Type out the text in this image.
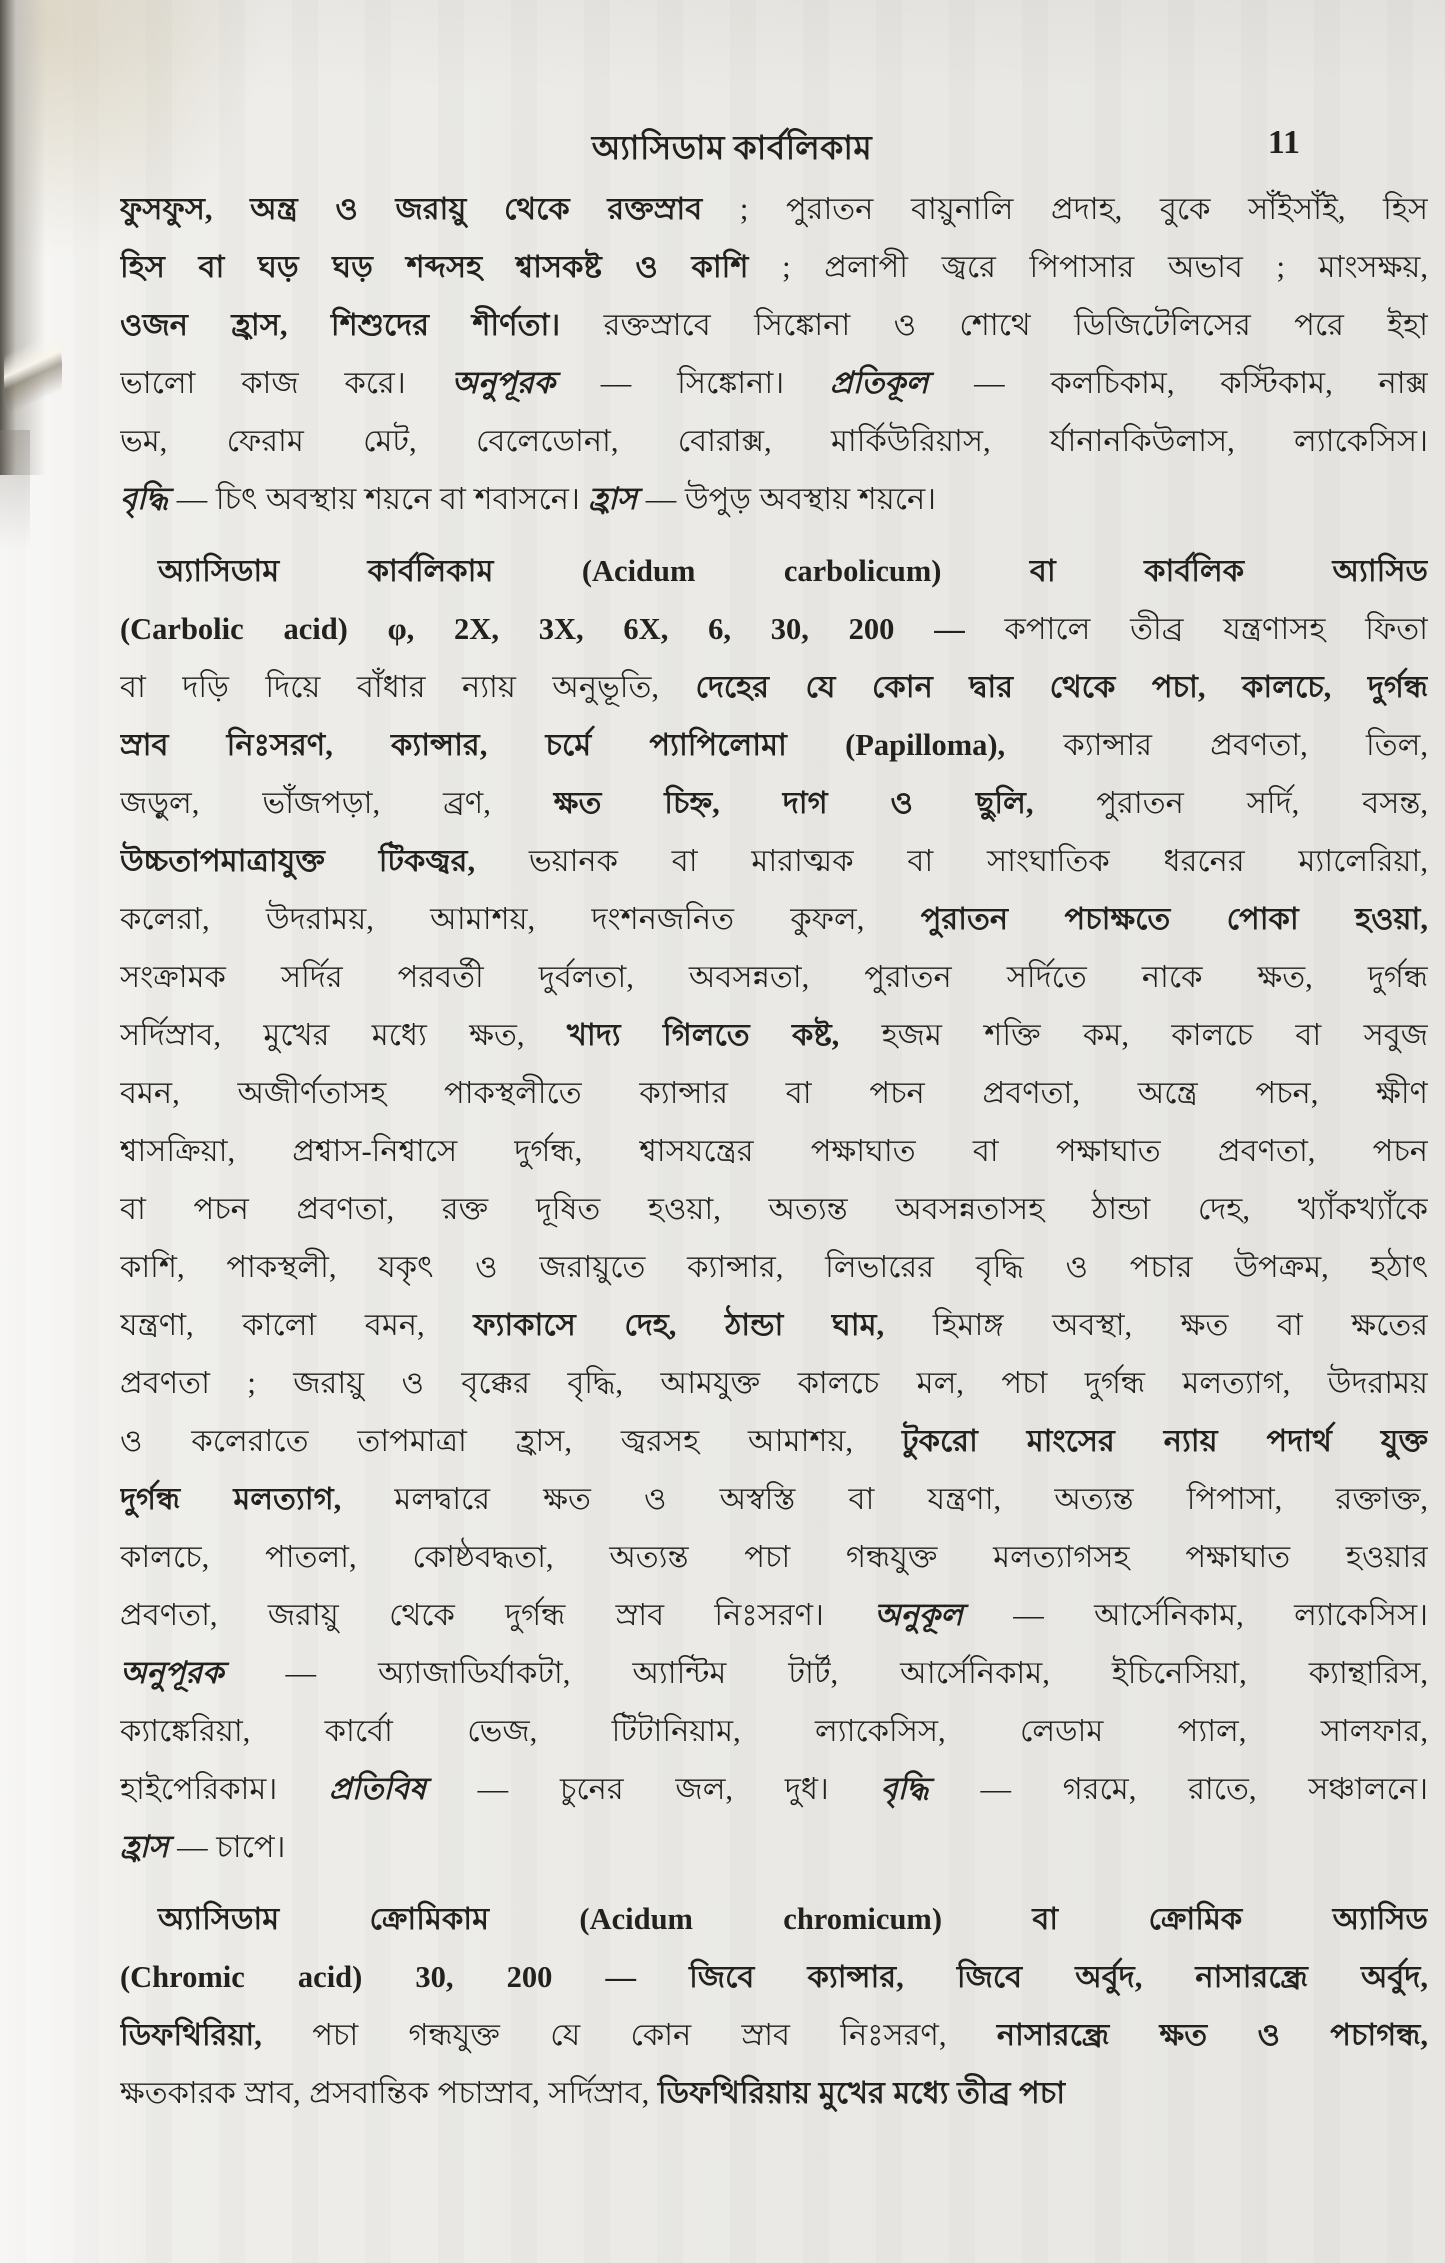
অ্যাসিডাম কার্বলিকাম	11
ফুসফুস, অন্ত্র ও জরায়ু থেকে রক্তস্রাব ; পুরাতন বায়ুনালি প্রদাহ, বুকে সাঁইসাঁই, হিস
হিস বা ঘড় ঘড় শব্দসহ শ্বাসকষ্ট ও কাশি ; প্রলাপী জ্বরে পিপাসার অভাব ; মাংসক্ষয়,
ওজন হ্রাস, শিশুদের শীর্ণতা। রক্তস্রাবে সিঙ্কোনা ও শোথে ডিজিটেলিসের পরে ইহা
ভালো কাজ করে। অনুপূরক — সিঙ্কোনা। প্রতিকূল — কলচিকাম, কস্টিকাম, নাক্স
ভম, ফেরাম মেট, বেলেডোনা, বোরাক্স, মার্কিউরিয়াস, র্যানানকিউলাস, ল্যাকেসিস।
বৃদ্ধি — চিৎ অবস্থায় শয়নে বা শবাসনে। হ্রাস — উপুড় অবস্থায় শয়নে।
অ্যাসিডাম কার্বলিকাম (Acidum carbolicum) বা কার্বলিক অ্যাসিড
(Carbolic acid) φ, 2X, 3X, 6X, 6, 30, 200 — কপালে তীব্র যন্ত্রণাসহ ফিতা
বা দড়ি দিয়ে বাঁধার ন্যায় অনুভূতি, দেহের যে কোন দ্বার থেকে পচা, কালচে, দুর্গন্ধ
স্রাব নিঃসরণ, ক্যান্সার, চর্মে প্যাপিলোমা (Papilloma), ক্যান্সার প্রবণতা, তিল,
জড়ুল, ভাঁজপড়া, ব্রণ, ক্ষত চিহ্ন, দাগ ও ছুলি, পুরাতন সর্দি, বসন্ত,
উচ্চতাপমাত্রাযুক্ত টিকজ্বর, ভয়ানক বা মারাত্মক বা সাংঘাতিক ধরনের ম্যালেরিয়া,
কলেরা, উদরাময়, আমাশয়, দংশনজনিত কুফল, পুরাতন পচাক্ষতে পোকা হওয়া,
সংক্রামক সর্দির পরবর্তী দুর্বলতা, অবসন্নতা, পুরাতন সর্দিতে নাকে ক্ষত, দুর্গন্ধ
সর্দিস্রাব, মুখের মধ্যে ক্ষত, খাদ্য গিলতে কষ্ট, হজম শক্তি কম, কালচে বা সবুজ
বমন, অজীর্ণতাসহ পাকস্থলীতে ক্যান্সার বা পচন প্রবণতা, অন্ত্রে পচন, ক্ষীণ
শ্বাসক্রিয়া, প্রশ্বাস-নিশ্বাসে দুর্গন্ধ, শ্বাসযন্ত্রের পক্ষাঘাত বা পক্ষাঘাত প্রবণতা, পচন
বা পচন প্রবণতা, রক্ত দূষিত হওয়া, অত্যন্ত অবসন্নতাসহ ঠান্ডা দেহ, খ্যাঁকখ্যাঁকে
কাশি, পাকস্থলী, যকৃৎ ও জরায়ুতে ক্যান্সার, লিভারের বৃদ্ধি ও পচার উপক্রম, হঠাৎ
যন্ত্রণা, কালো বমন, ফ্যাকাসে দেহ, ঠান্ডা ঘাম, হিমাঙ্গ অবস্থা, ক্ষত বা ক্ষতের
প্রবণতা ; জরায়ু ও বৃক্কের বৃদ্ধি, আমযুক্ত কালচে মল, পচা দুর্গন্ধ মলত্যাগ, উদরাময়
ও কলেরাতে তাপমাত্রা হ্রাস, জ্বরসহ আমাশয়, টুকরো মাংসের ন্যায় পদার্থ যুক্ত
দুর্গন্ধ মলত্যাগ, মলদ্বারে ক্ষত ও অস্বস্তি বা যন্ত্রণা, অত্যন্ত পিপাসা, রক্তাক্ত,
কালচে, পাতলা, কোষ্ঠবদ্ধতা, অত্যন্ত পচা গন্ধযুক্ত মলত্যাগসহ পক্ষাঘাত হওয়ার
প্রবণতা, জরায়ু থেকে দুর্গন্ধ স্রাব নিঃসরণ। অনুকূল — আর্সেনিকাম, ল্যাকেসিস।
অনুপূরক — অ্যাজাডির্যাকটা, অ্যান্টিম টার্ট, আর্সেনিকাম, ইচিনেসিয়া, ক্যান্থারিস,
ক্যাঙ্কেরিয়া, কার্বো ভেজ, টিটানিয়াম, ল্যাকেসিস, লেডাম প্যাল, সালফার,
হাইপেরিকাম। প্রতিবিষ — চুনের জল, দুধ। বৃদ্ধি — গরমে, রাতে, সঞ্চালনে।
হ্রাস — চাপে।
অ্যাসিডাম ক্রোমিকাম (Acidum chromicum) বা ক্রোমিক অ্যাসিড
(Chromic acid) 30, 200 — জিবে ক্যান্সার, জিবে অর্বুদ, নাসারন্ধ্রে অর্বুদ,
ডিফথিরিয়া, পচা গন্ধযুক্ত যে কোন স্রাব নিঃসরণ, নাসারন্ধ্রে ক্ষত ও পচাগন্ধ,
ক্ষতকারক স্রাব, প্রসবান্তিক পচাস্রাব, সর্দিস্রাব, ডিফথিরিয়ায় মুখের মধ্যে তীব্র পচা
